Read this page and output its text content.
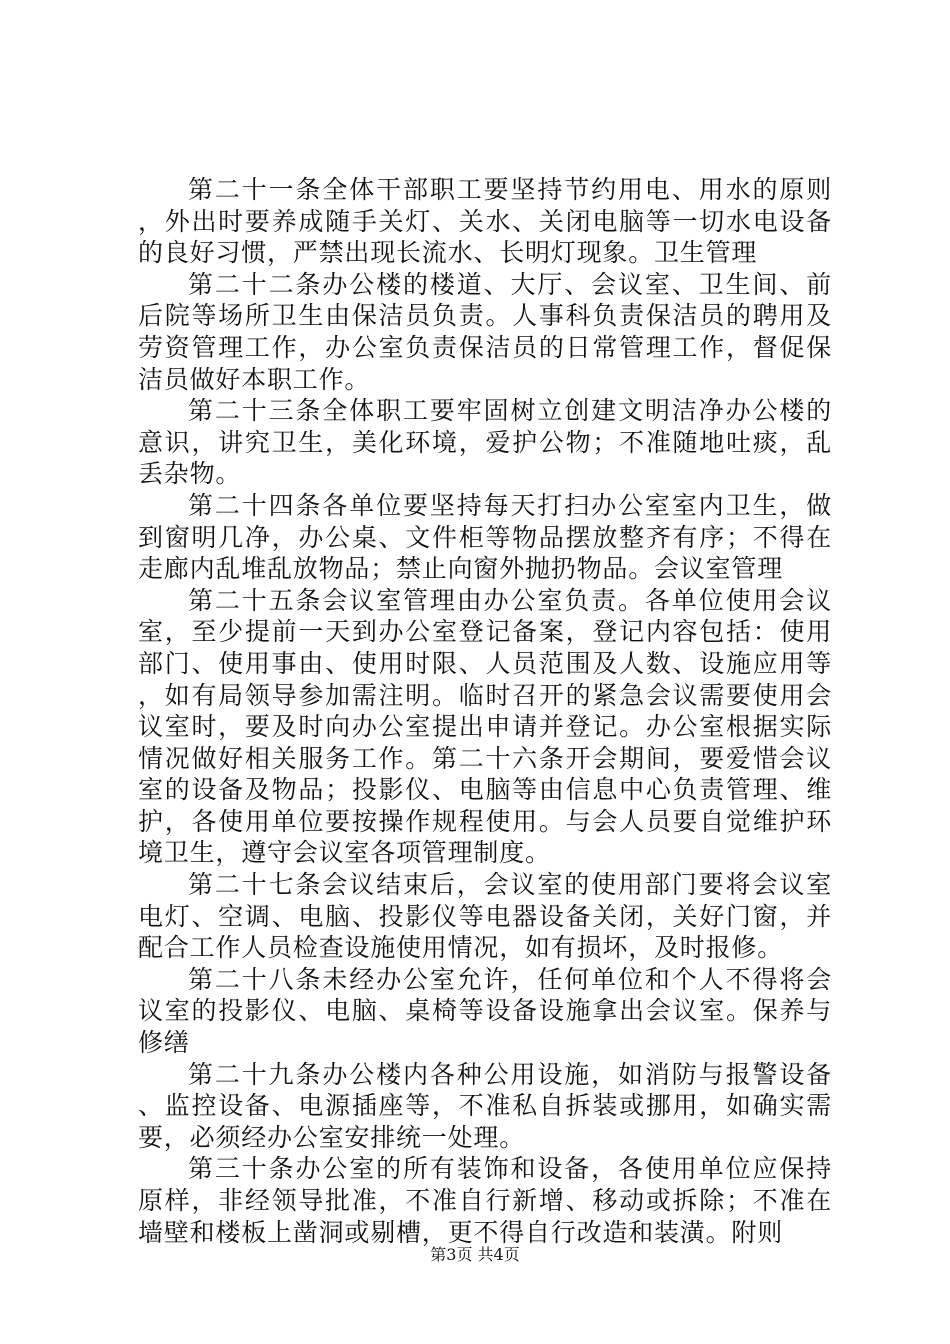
第二十一条全体干部职工要坚持节约用电、用水的原则，外出时要养成随手关灯、关水、关闭电脑等一切水电设备的良好习惯，严禁出现长流水、长明灯现象。卫生管理

第二十二条办公楼的楼道、大厅、会议室、卫生间、前后院等场所卫生由保洁员负责。人事科负责保洁员的聘用及劳资管理工作，办公室负责保洁员的日常管理工作，督促保洁员做好本职工作。

第二十三条全体职工要牢固树立创建文明洁净办公楼的意识，讲究卫生，美化环境，爱护公物；不准随地吐痰，乱丢杂物。

第二十四条各单位要坚持每天打扫办公室室内卫生，做到窗明几净，办公桌、文件柜等物品摆放整齐有序；不得在走廊内乱堆乱放物品；禁止向窗外抛扔物品。会议室管理

第二十五条会议室管理由办公室负责。各单位使用会议室，至少提前一天到办公室登记备案，登记内容包括：使用部门、使用事由、使用时限、人员范围及人数、设施应用等，如有局领导参加需注明。临时召开的紧急会议需要使用会议室时，要及时向办公室提出申请并登记。办公室根据实际情况做好相关服务工作。第二十六条开会期间，要爱惜会议室的设备及物品；投影仪、电脑等由信息中心负责管理、维护，各使用单位要按操作规程使用。与会人员要自觉维护环境卫生，遵守会议室各项管理制度。

第二十七条会议结束后，会议室的使用部门要将会议室电灯、空调、电脑、投影仪等电器设备关闭，关好门窗，并配合工作人员检查设施使用情况，如有损坏，及时报修。

第二十八条未经办公室允许，任何单位和个人不得将会议室的投影仪、电脑、桌椅等设备设施拿出会议室。保养与修缮

第二十九条办公楼内各种公用设施，如消防与报警设备、监控设备、电源插座等，不准私自拆装或挪用，如确实需要，必须经办公室安排统一处理。

第三十条办公室的所有装饰和设备，各使用单位应保持原样，非经领导批准，不准自行新增、移动或拆除；不准在墙壁和楼板上凿洞或剔槽，更不得自行改造和装潢。附则

第3页 共4页
